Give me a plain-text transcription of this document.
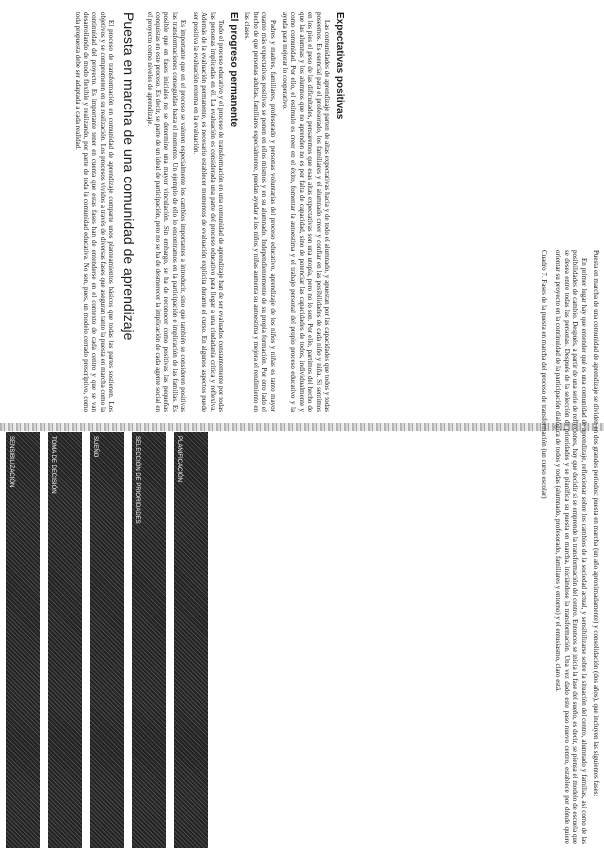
Expectativas positivas

Las comunidades de aprendizaje parten de altas expectativas hacia y de todo el alumnado, y apuestan por las capacidades que todos y todas poseemos. Es esencial para el profesorado, los familiares y el alumnado creer y confiar en las posibilidades de cada niño y niña. Si sentimos en los pies el peso de las dificultades, pensaremos que esas altas expectativas son una utopía, pero no lo son. Por ello, partimos del hecho de que las alumnas y los alumnos que no aprenden no es por falta de capacidad, sino de potenciar las capacidades de todos, individualmente y como comunidad. Por ello, el estímulo es creer en el éxito, fomentar la autoestima y el trabajo personal del propio proceso educativo y la ayuda para mejorar lo cooperativo.

Padres y madres, familiares, profesorado y personas voluntarias del proceso educativo, aprendizaje de los niños y niñas es tanto mayor cuanto más expectativas positivas se ponen en ellos mismos y en su alumnado. Independientemente de su propia formación. Por otro lado el hecho de que personas adultas, familiares especialmente, puedan ayudar a los niños y niñas aumenta su autoestima y mejora el rendimiento en las clases.

El progreso permanente

Todo el proceso educativo y el proceso de transformación en una comunidad de aprendizaje han de ser evaluados constantemente por todas las personas implicadas en él. La evaluación es considerada una parte del proceso educativo para llegar a una ciudadanía crítica y reflexiva. Además de la evaluación permanente, es necesario establecer momentos de evaluación explícita durante el curso. En algunos aspectos puede ser positiva la evaluación externa en la evaluación.

Es importante que en el proceso se valoren especialmente los cambios importantes a introducir, sino que también se consideren positivas las transformaciones conseguidas hasta el momento. Un ejemplo de ello lo encontramos en la participación e implicación de las familias. Es posible que en fases iniciales no se determine una mayor vinculación. Sin embargo, se ha de reconocer como positivas las pequeñas conquistas en este proceso. Es decir, se parte de un ideal de participación, pero no se ha de desmerecer la implicación de cada agente social en el proyecto como niveles de aprendizaje.

Puesta en marcha de una comunidad de aprendizaje

El proceso de transformación en comunidad de aprendizaje comparte unos planteamientos básicos que todas las partes sostienen. Los objetivos y se comprometen en su realización. Los procesos vividos a través de diversas fases que aseguran tanto la puesta en marcha como la continuidad del proyecto. Es importante tener en cuenta que estas fases han de entenderse en el contexto de cada centro y que se van desarrollando de modo flexible y realizando, por parte de toda la comunidad educativa. No son, pues, un modelo cerrado prescriptivo, como toda propuesta debe ser adaptada a cada realidad.

Puesta en marcha de una comunidad de aprendizaje se dividen en dos grandes períodos: puesta en marcha (un año aproximadamente) y consolidación (dos años), que incluyen las siguientes fases:

En primer lugar hay que entender qué es una comunidad de aprendizaje, reflexionar sobre los cambios de la sociedad actual, y sensibilizarse sobre la situación del centro, alumnado y familias, así como de las posibilidades de cambio. Después, a partir de una serie de reflexiones, hay que decidir si se emprende la transformación del centro. Entonces se inicia la fase del sueño, es decir, se piensa el modelo de escuela que se desea entre todas las personas. Después de la selección de prioridades y se planifica su puesta en marcha, iniciándose la transformación. Una vez dado este paso nuevo centro, establece por dónde quiere orientar su proyecto en la continuidad de la participación dialógica de todos y todas (alumnado, profesorado, familiares y entorno) y el entusiasmo, claro está.

Cuadro 7. Fases de la puesta en marcha del proceso de transformación (un curso escolar)

SENSIBILIZACIÓN	TOMA DE DECISIÓN	SUEÑO	SELECCIÓN DE PRIORIDADES	PLANIFICACIÓN
